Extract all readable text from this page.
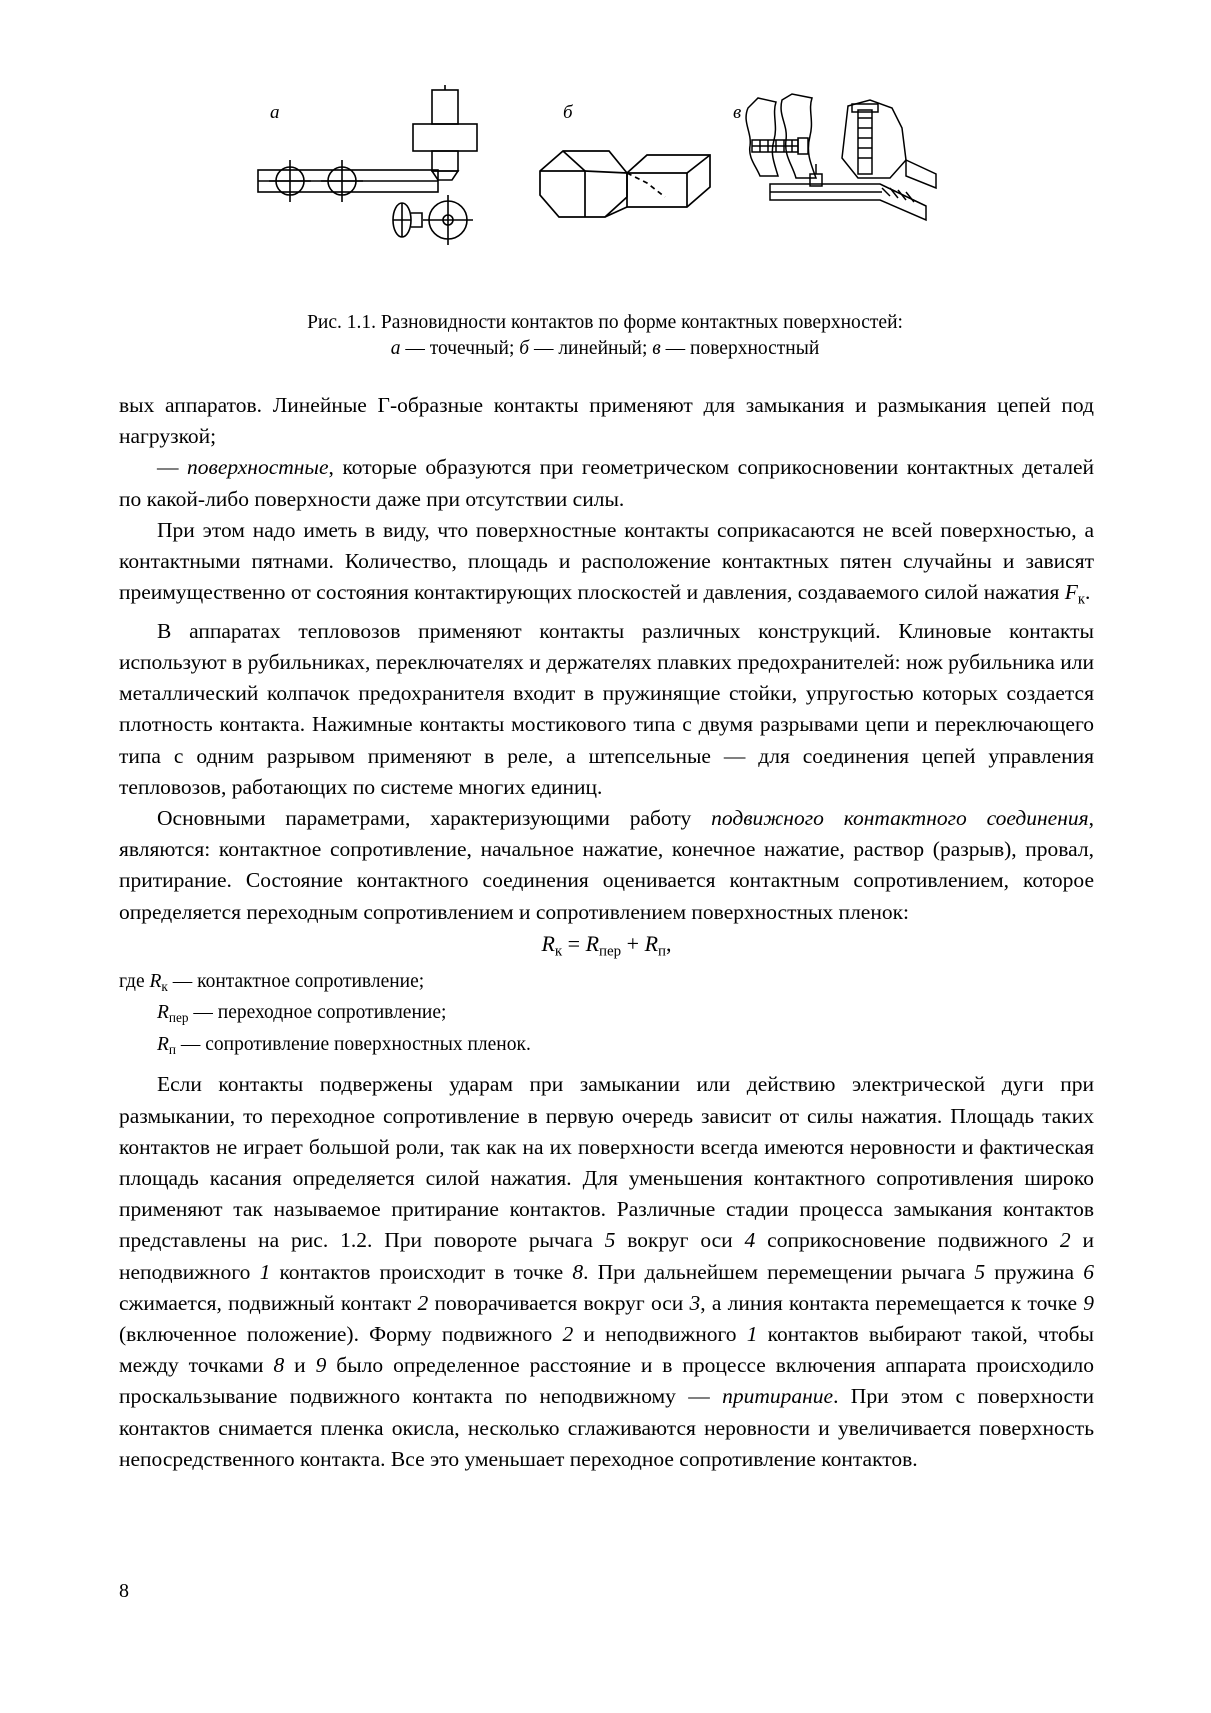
а	б	в
Рис. 1.1. Разновидности контактов по форме контактных поверхностей:
а — точечный; б — линейный; в — поверхностный

вых аппаратов. Линейные Г-образные контакты применяют для замыкания и размыкания цепей под нагрузкой;

— поверхностные, которые образуются при геометрическом соприкосновении контактных деталей по какой-либо поверхности даже при отсутствии силы.

При этом надо иметь в виду, что поверхностные контакты соприкасаются не всей поверхностью, а контактными пятнами. Количество, площадь и расположение контактных пятен случайны и зависят преимущественно от состояния контактирующих плоскостей и давления, создаваемого силой нажатия $F_к$.

В аппаратах тепловозов применяют контакты различных конструкций. Клиновые контакты используют в рубильниках, переключателях и держателях плавких предохранителей: нож рубильника или металлический колпачок предохранителя входит в пружинящие стойки, упругостью которых создается плотность контакта. Нажимные контакты мостикового типа с двумя разрывами цепи и переключающего типа с одним разрывом применяют в реле, а штепсельные — для соединения цепей управления тепловозов, работающих по системе многих единиц.

Основными параметрами, характеризующими работу подвижного контактного соединения, являются: контактное сопротивление, начальное нажатие, конечное нажатие, раствор (разрыв), провал, притирание. Состояние контактного соединения оценивается контактным сопротивлением, которое определяется переходным сопротивлением и сопротивлением поверхностных пленок:

$R_к = R_{пер} + R_п$,

где $R_к$ — контактное сопротивление;
$R_{пер}$ — переходное сопротивление;
$R_п$ — сопротивление поверхностных пленок.

Если контакты подвержены ударам при замыкании или действию электрической дуги при размыкании, то переходное сопротивление в первую очередь зависит от силы нажатия. Площадь таких контактов не играет большой роли, так как на их поверхности всегда имеются неровности и фактическая площадь касания определяется силой нажатия. Для уменьшения контактного сопротивления широко применяют так называемое притирание контактов. Различные стадии процесса замыкания контактов представлены на рис. 1.2. При повороте рычага 5 вокруг оси 4 соприкосновение подвижного 2 и неподвижного 1 контактов происходит в точке 8. При дальнейшем перемещении рычага 5 пружина 6 сжимается, подвижный контакт 2 поворачивается вокруг оси 3, а линия контакта перемещается к точке 9 (включенное положение). Форму подвижного 2 и неподвижного 1 контактов выбирают такой, чтобы между точками 8 и 9 было определенное расстояние и в процессе включения аппарата происходило проскальзывание подвижного контакта по неподвижному — притирание. При этом с поверхности контактов снимается пленка окисла, несколько сглаживаются неровности и увеличивается поверхность непосредственного контакта. Все это уменьшает переходное сопротивление контактов.

8
